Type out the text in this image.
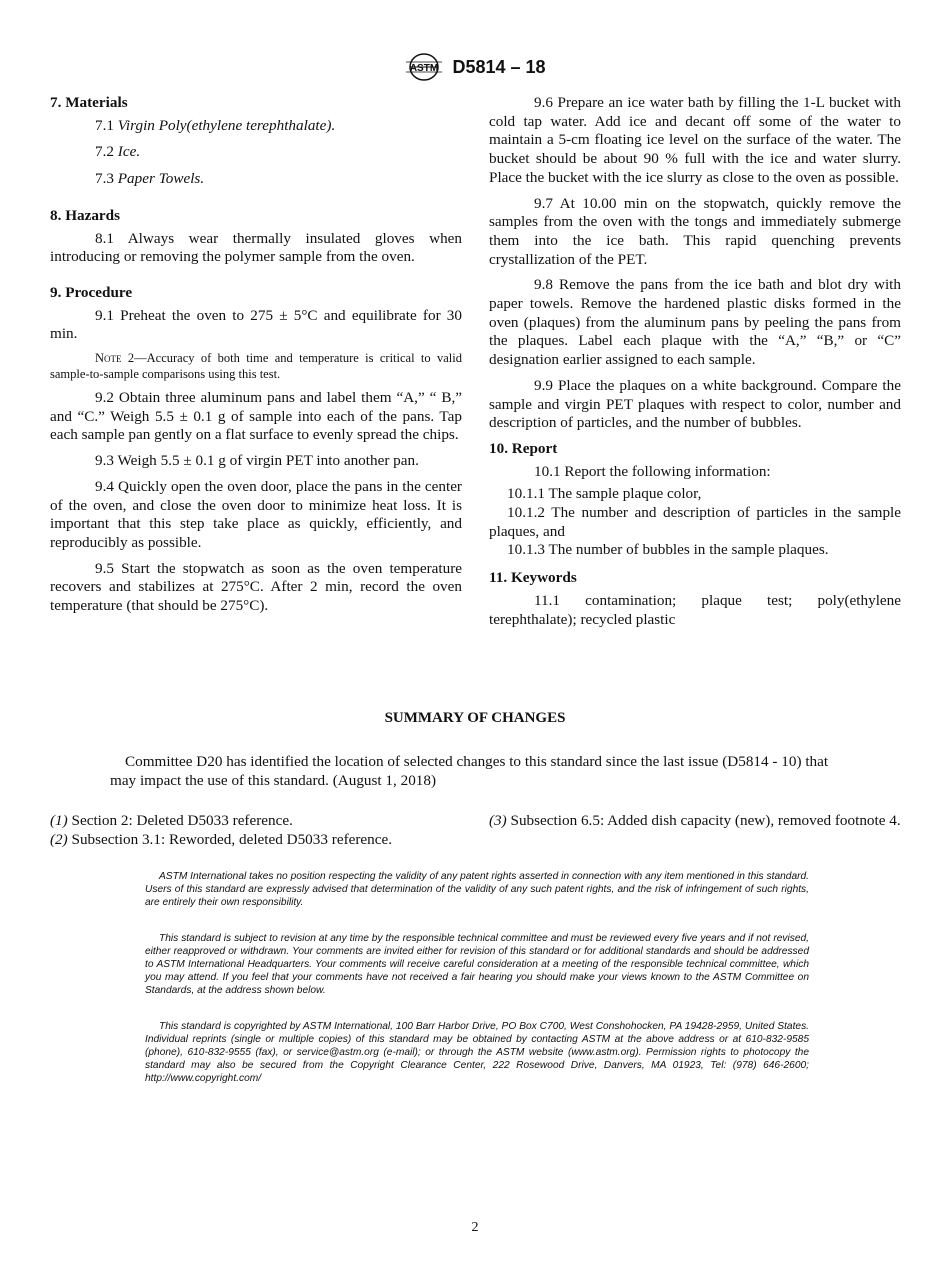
ASTM D5814 – 18

7. Materials

7.1 Virgin Poly(ethylene terephthalate).

7.2 Ice.

7.3 Paper Towels.

8. Hazards

8.1 Always wear thermally insulated gloves when introducing or removing the polymer sample from the oven.

9. Procedure

9.1 Preheat the oven to 275 ± 5°C and equilibrate for 30 min.

Note 2—Accuracy of both time and temperature is critical to valid sample-to-sample comparisons using this test.

9.2 Obtain three aluminum pans and label them “A,” “ B,” and “C.” Weigh 5.5 ± 0.1 g of sample into each of the pans. Tap each sample pan gently on a flat surface to evenly spread the chips.

9.3 Weigh 5.5 ± 0.1 g of virgin PET into another pan.

9.4 Quickly open the oven door, place the pans in the center of the oven, and close the oven door to minimize heat loss. It is important that this step take place as quickly, efficiently, and reproducibly as possible.

9.5 Start the stopwatch as soon as the oven temperature recovers and stabilizes at 275°C. After 2 min, record the oven temperature (that should be 275°C).

9.6 Prepare an ice water bath by filling the 1-L bucket with cold tap water. Add ice and decant off some of the water to maintain a 5-cm floating ice level on the surface of the water. The bucket should be about 90 % full with the ice and water slurry. Place the bucket with the ice slurry as close to the oven as possible.

9.7 At 10.00 min on the stopwatch, quickly remove the samples from the oven with the tongs and immediately submerge them into the ice bath. This rapid quenching prevents crystallization of the PET.

9.8 Remove the pans from the ice bath and blot dry with paper towels. Remove the hardened plastic disks formed in the oven (plaques) from the aluminum pans by peeling the pans from the plaques. Label each plaque with the “A,” “B,” or “C” designation earlier assigned to each sample.

9.9 Place the plaques on a white background. Compare the sample and virgin PET plaques with respect to color, number and description of particles, and the number of bubbles.

10. Report

10.1 Report the following information:

10.1.1 The sample plaque color,

10.1.2 The number and description of particles in the sample plaques, and

10.1.3 The number of bubbles in the sample plaques.

11. Keywords

11.1 contamination; plaque test; poly(ethylene terephthalate); recycled plastic

SUMMARY OF CHANGES
Committee D20 has identified the location of selected changes to this standard since the last issue (D5814 - 10) that may impact the use of this standard. (August 1, 2018)

(1) Section 2: Deleted D5033 reference.

(2) Subsection 3.1: Reworded, deleted D5033 reference.

(3) Subsection 6.5: Added dish capacity (new), removed footnote 4.

ASTM International takes no position respecting the validity of any patent rights asserted in connection with any item mentioned in this standard. Users of this standard are expressly advised that determination of the validity of any such patent rights, and the risk of infringement of such rights, are entirely their own responsibility.

This standard is subject to revision at any time by the responsible technical committee and must be reviewed every five years and if not revised, either reapproved or withdrawn. Your comments are invited either for revision of this standard or for additional standards and should be addressed to ASTM International Headquarters. Your comments will receive careful consideration at a meeting of the responsible technical committee, which you may attend. If you feel that your comments have not received a fair hearing you should make your views known to the ASTM Committee on Standards, at the address shown below.

This standard is copyrighted by ASTM International, 100 Barr Harbor Drive, PO Box C700, West Conshohocken, PA 19428-2959, United States. Individual reprints (single or multiple copies) of this standard may be obtained by contacting ASTM at the above address or at 610-832-9585 (phone), 610-832-9555 (fax), or service@astm.org (e-mail); or through the ASTM website (www.astm.org). Permission rights to photocopy the standard may also be secured from the Copyright Clearance Center, 222 Rosewood Drive, Danvers, MA 01923, Tel: (978) 646-2600; http://www.copyright.com/

2
